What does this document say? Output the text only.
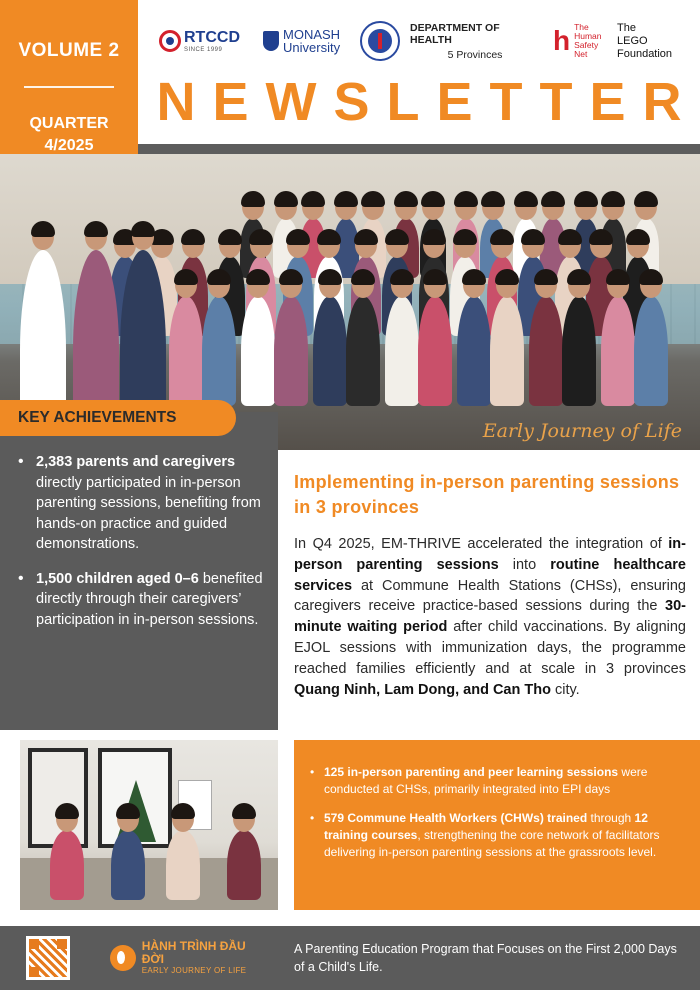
VOLUME 2
QUARTER
4/2025
RTCCD
SINCE 1999
MONASH
University
DEPARTMENT OF HEALTH
5 Provinces h The
Human
Safety
Net
The
LEGO
Foundation
NEWSLETTER
Early Journey of Life
KEY ACHIEVEMENTS
• 2,383 parents and caregivers directly participated in in-person parenting sessions, benefiting from hands-on practice and guided demonstrations.
• 1,500 children aged 0–6 benefited directly through their caregivers’ participation in in-person sessions.
Implementing in-person parenting sessions in 3 provinces
In Q4 2025, EM-THRIVE accelerated the integration of in-person parenting sessions into routine healthcare services at Commune Health Stations (CHSs), ensuring caregivers receive practice-based sessions during the 30-minute waiting period after child vaccinations. By aligning EJOL sessions with immunization days, the programme reached families efficiently and at scale in 3 provinces Quang Ninh, Lam Dong, and Can Tho city.
• 125 in-person parenting and peer learning sessions were conducted at CHSs, primarily integrated into EPI days
• 579 Commune Health Workers (CHWs) trained through 12 training courses, strengthening the core network of facilitators delivering in-person parenting sessions at the grassroots level.
HÀNH TRÌNH ĐẦU ĐỜI
EARLY JOURNEY OF LIFE
A Parenting Education Program that Focuses on the First 2,000 Days of a Child's Life.
